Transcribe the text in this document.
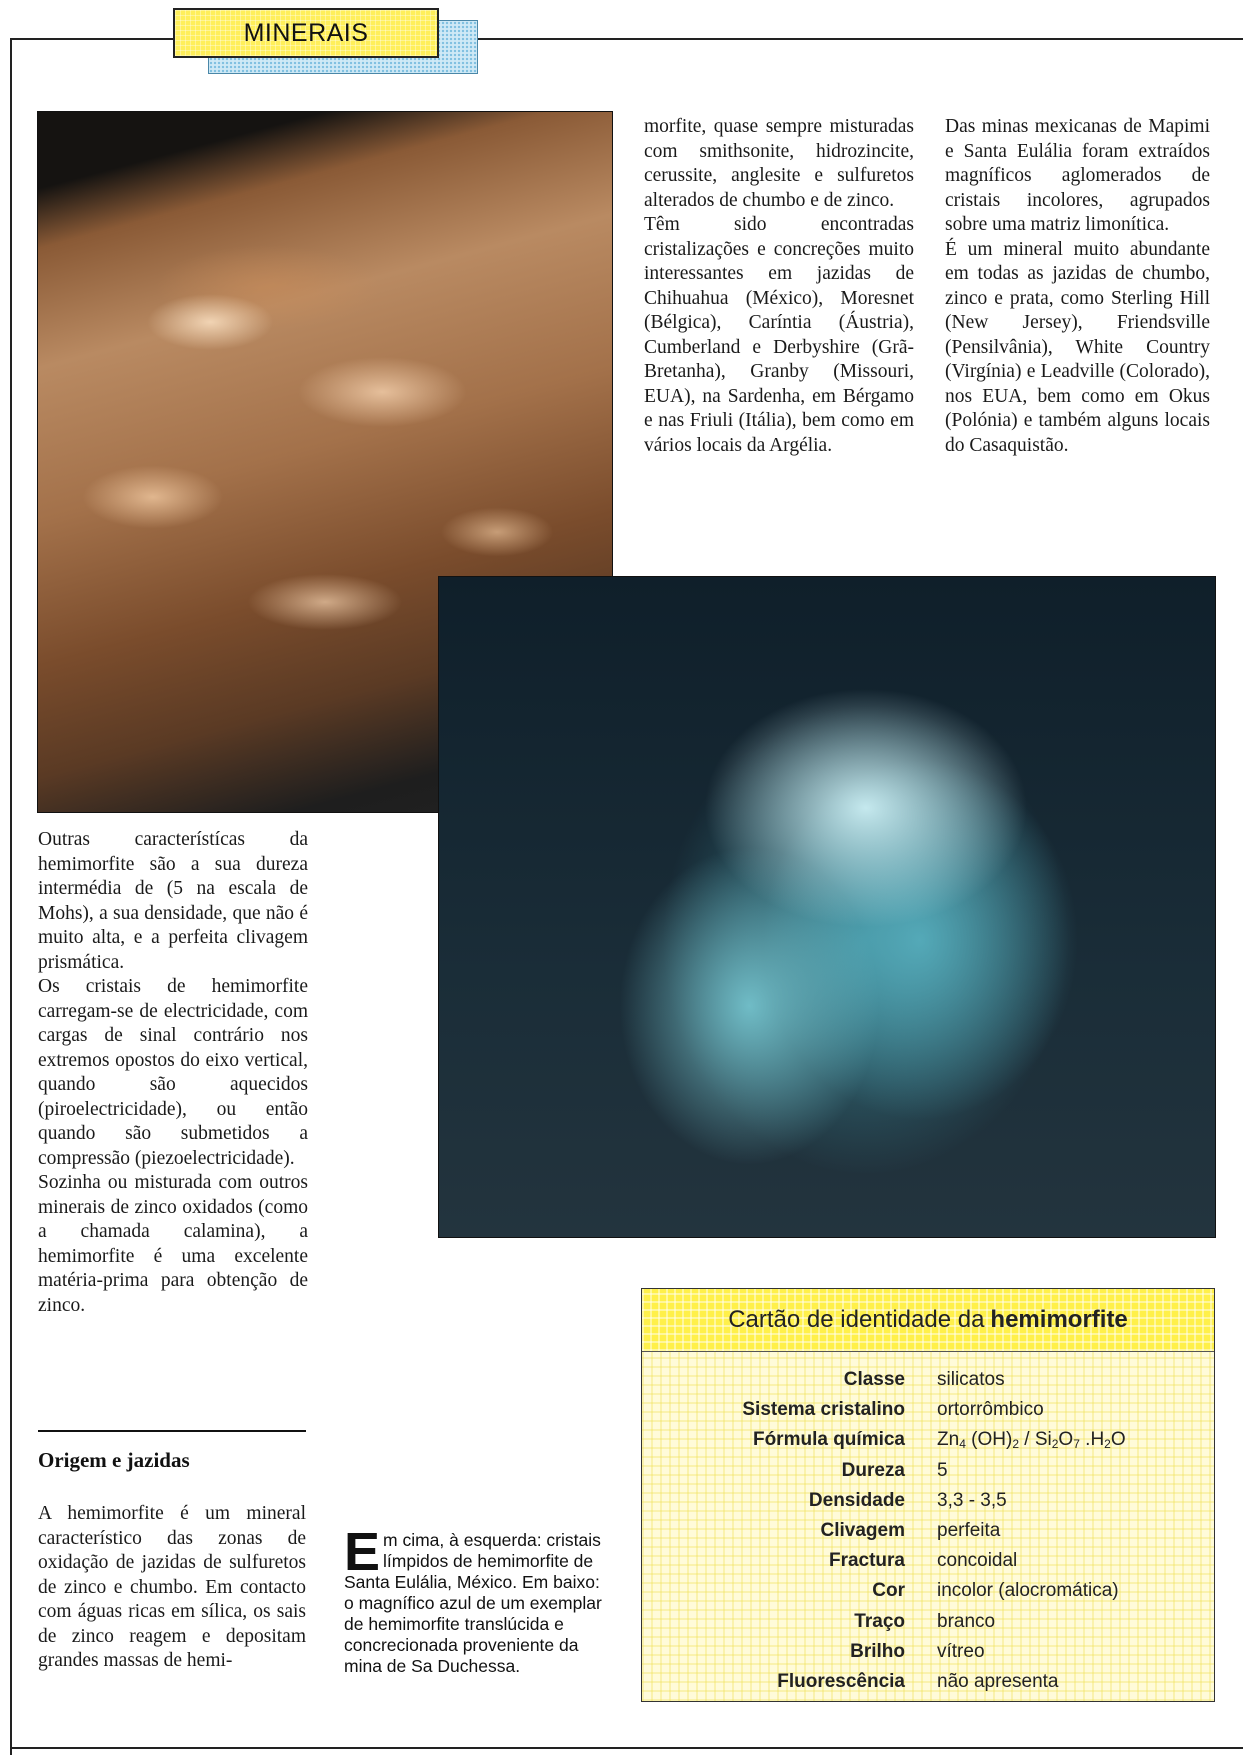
MINERAIS

morfite, quase sempre misturadas com smithsonite, hidrozincite, cerussite, anglesite e sulfuretos alterados de chumbo e de zinco.

Têm sido encontradas cristalizações e concreções muito interessantes em jazidas de Chihuahua (México), Moresnet (Bélgica), Caríntia (Áustria), Cumberland e Derbyshire (Grã-Bretanha), Granby (Missouri, EUA), na Sardenha, em Bérgamo e nas Friuli (Itália), bem como em vários locais da Argélia.

Das minas mexicanas de Mapimi e Santa Eulália foram extraídos magníficos aglomerados de cristais incolores, agrupados sobre uma matriz limonítica.

É um mineral muito abundante em todas as jazidas de chumbo, zinco e prata, como Sterling Hill (New Jersey), Friendsville (Pensilvânia), White Country (Virgínia) e Leadville (Colorado), nos EUA, bem como em Okus (Polónia) e também alguns locais do Casaquistão.

Outras característícas da hemimorfite são a sua dureza intermédia de (5 na escala de Mohs), a sua densidade, que não é muito alta, e a perfeita clivagem prismática.

Os cristais de hemimorfite carregam-se de electricidade, com cargas de sinal contrário nos extremos opostos do eixo vertical, quando são aquecidos (piroelectricidade), ou então quando são submetidos a compressão (piezoelectricidade).

Sozinha ou misturada com outros minerais de zinco oxidados (como a chamada calamina), a hemimorfite é uma excelente matéria-prima para obtenção de zinco.

Origem e jazidas

A hemimorfite é um mineral característico das zonas de oxidação de jazidas de sulfuretos de zinco e chumbo. Em contacto com águas ricas em sílica, os sais de zinco reagem e depositam grandes massas de hemi-

Em cima, à esquerda: cristais límpidos de hemimorfite de Santa Eulália, México. Em baixo: o magnífico azul de um exemplar de hemimorfite translúcida e concrecionada proveniente da mina de Sa Duchessa.
Cartão de identidade da hemimorfite
Classe silicatos
Sistema cristalino ortorrômbico
Fórmula química $Zn_4$ $(OH)_2 / Si_2O_7$ $.H_2O$
Dureza 5
Densidade 3,3 - 3,5
Clivagem perfeita
Fractura concoidal
Cor incolor (alocromática)
Traço branco
Brilho vítreo
Fluorescência não apresenta
